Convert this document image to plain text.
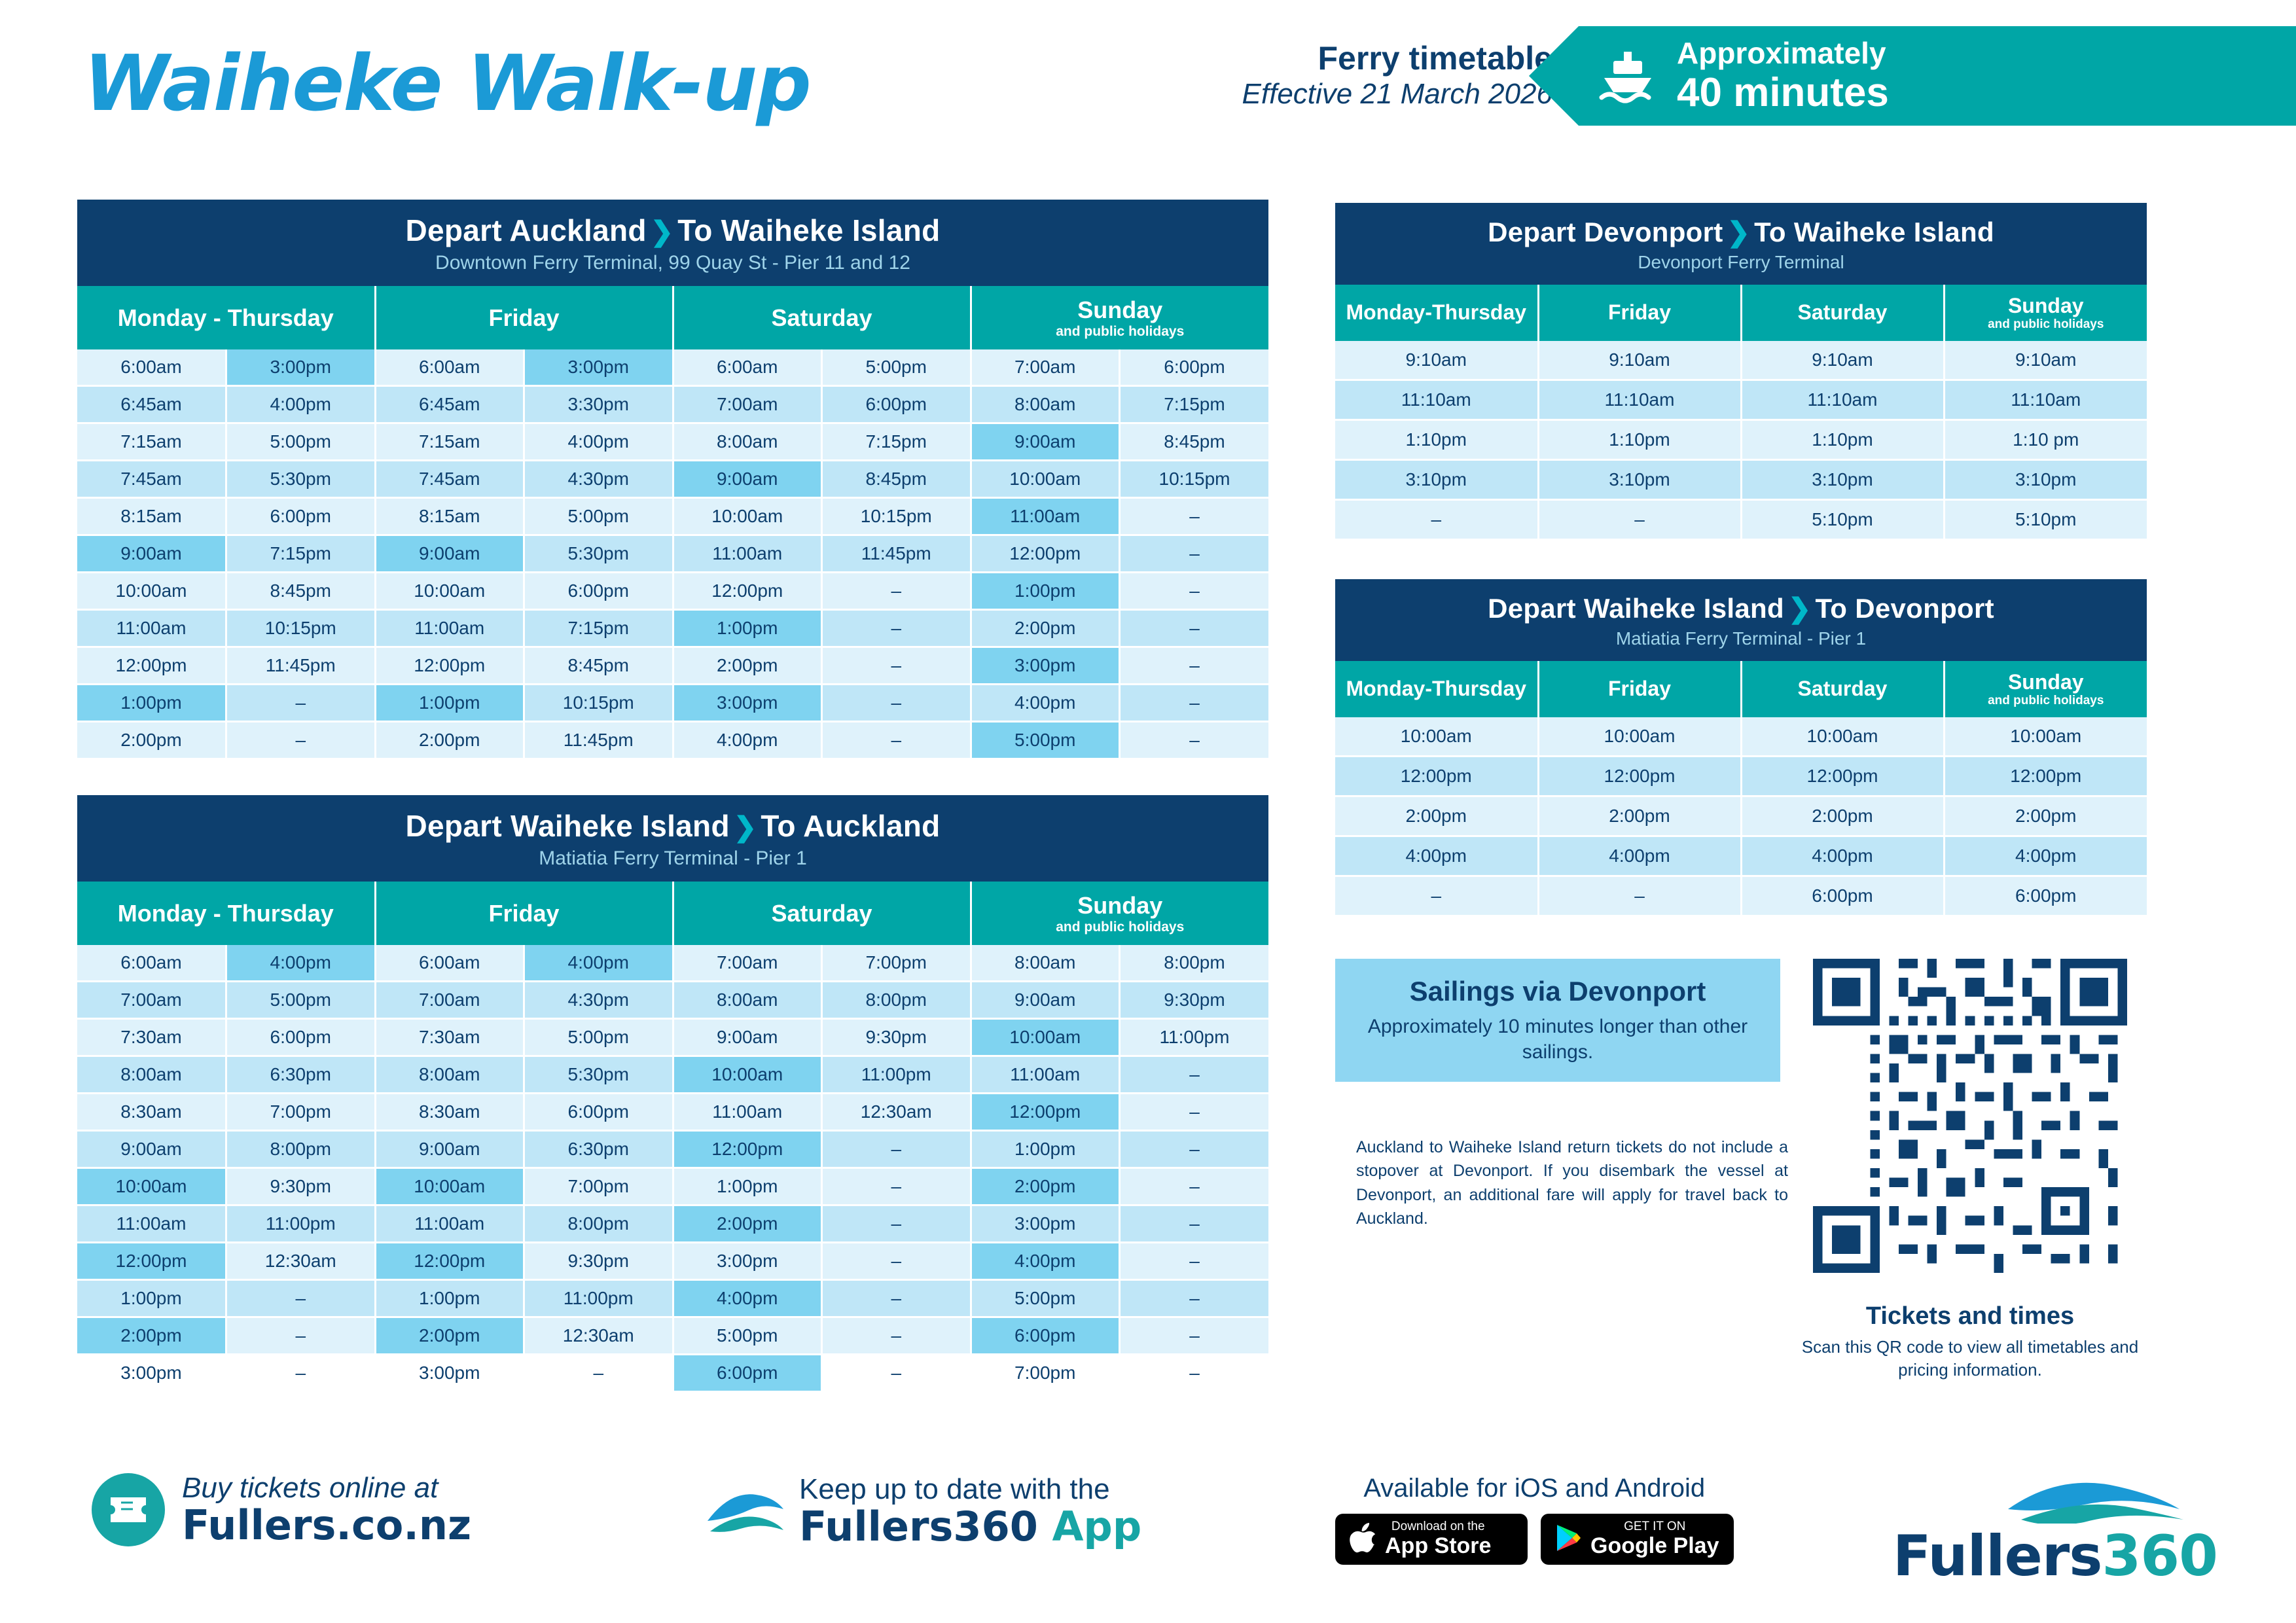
Waiheke Walk-up	Ferry timetable
Effective 21 March 2026
Approximately
40 minutes
Depart Auckland ❯ To Waiheke Island
Downtown Ferry Terminal, 99 Quay St - Pier 11 and 12
Monday - Thursday		Friday		Saturday		Sunday
and public holidays	

6:00am	3:00pm	6:00am	3:00pm	6:00am	5:00pm	7:00am	6:00pm
6:45am	4:00pm	6:45am	3:30pm	7:00am	6:00pm	8:00am	7:15pm
7:15am	5:00pm	7:15am	4:00pm	8:00am	7:15pm	9:00am	8:45pm
7:45am	5:30pm	7:45am	4:30pm	9:00am	8:45pm	10:00am	10:15pm
8:15am	6:00pm	8:15am	5:00pm	10:00am	10:15pm	11:00am	–
9:00am	7:15pm	9:00am	5:30pm	11:00am	11:45pm	12:00pm	–
10:00am	8:45pm	10:00am	6:00pm	12:00pm	–	1:00pm	–
11:00am	10:15pm	11:00am	7:15pm	1:00pm	–	2:00pm	–
12:00pm	11:45pm	12:00pm	8:45pm	2:00pm	–	3:00pm	–
1:00pm	–	1:00pm	10:15pm	3:00pm	–	4:00pm	–
2:00pm	–	2:00pm	11:45pm	4:00pm	–	5:00pm	–
Depart Waiheke Island ❯ To Auckland
Matiatia Ferry Terminal - Pier 1
Monday - Thursday		Friday		Saturday		Sunday
and public holidays	

6:00am	4:00pm	6:00am	4:00pm	7:00am	7:00pm	8:00am	8:00pm
7:00am	5:00pm	7:00am	4:30pm	8:00am	8:00pm	9:00am	9:30pm
7:30am	6:00pm	7:30am	5:00pm	9:00am	9:30pm	10:00am	11:00pm
8:00am	6:30pm	8:00am	5:30pm	10:00am	11:00pm	11:00am	–
8:30am	7:00pm	8:30am	6:00pm	11:00am	12:30am	12:00pm	–
9:00am	8:00pm	9:00am	6:30pm	12:00pm	–	1:00pm	–
10:00am	9:30pm	10:00am	7:00pm	1:00pm	–	2:00pm	–
11:00am	11:00pm	11:00am	8:00pm	2:00pm	–	3:00pm	–
12:00pm	12:30am	12:00pm	9:30pm	3:00pm	–	4:00pm	–
1:00pm	–	1:00pm	11:00pm	4:00pm	–	5:00pm	–
2:00pm	–	2:00pm	12:30am	5:00pm	–	6:00pm	–
3:00pm	–	3:00pm	–	6:00pm	–	7:00pm	–
Depart Devonport ❯ To Waiheke Island
Devonport Ferry Terminal
Monday-Thursday	Friday	Saturday	Sunday
and public holidays

9:10am	9:10am	9:10am	9:10am
11:10am	11:10am	11:10am	11:10am
1:10pm	1:10pm	1:10pm	1:10 pm
3:10pm	3:10pm	3:10pm	3:10pm
–	–	5:10pm	5:10pm
Depart Waiheke Island ❯ To Devonport
Matiatia Ferry Terminal - Pier 1
Monday-Thursday	Friday	Saturday	Sunday
and public holidays

10:00am	10:00am	10:00am	10:00am
12:00pm	12:00pm	12:00pm	12:00pm
2:00pm	2:00pm	2:00pm	2:00pm
4:00pm	4:00pm	4:00pm	4:00pm
–	–	6:00pm	6:00pm
Sailings via Devonport
Approximately 10 minutes longer than other sailings.
Auckland to Waiheke Island return tickets do not include a stopover at Devonport. If you disembark the vessel at Devonport, an additional fare will apply for travel back to Auckland.
Tickets and times
Scan this QR code to view all timetables and pricing information.
Buy tickets online at
Fullers.co.nz
Keep up to date with the
Fullers360 App
Available for iOS and Android
Download on the
App Store
GET IT ON
Google Play	Fullers360
